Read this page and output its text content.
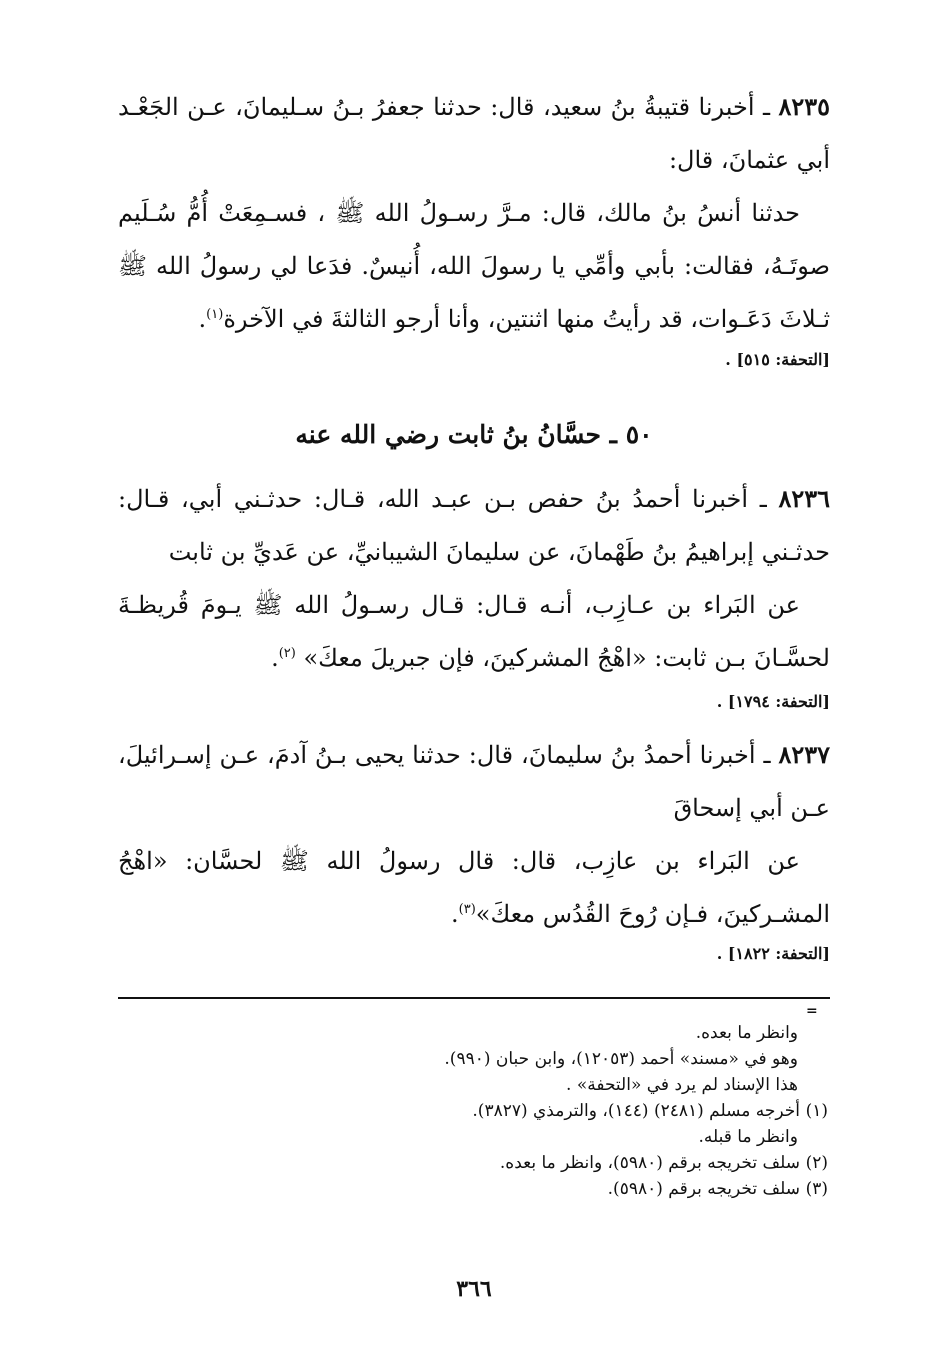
٨٢٣٥ ـ أخبرنا قتيبةُ بنُ سعيد، قال: حدثنا جعفرُ بـنُ سـليمانَ، عـن الجَعْـد أبي عثمانَ، قال:

حدثنا أنسُ بنُ مالك، قال: مـرَّ رسـولُ الله ﷺ ، فسـمِعَتْ أُمُّ سُـلَيم صوتَـهُ، فقالت: بأبي وأمِّي يا رسولَ الله، أُنيسٌ. فدَعا لي رسولُ الله ﷺ ثـلاثَ دَعَـوات، قد رأيتُ منها اثنتين، وأنا أرجو الثالثةَ في الآخرة$^{(١)}$.

[التحفة: ٥١٥] .
٥٠ ـ حسَّانُ بنُ ثابت رضي الله عنه

٨٢٣٦ ـ أخبرنا أحمدُ بنُ حفص بـن عبـد الله، قـال: حدثـني أبي، قـال: حدثـني إبراهيمُ بنُ طَهْمانَ، عن سليمانَ الشيبانيِّ، عن عَديِّ بن ثابت

عن البَراء بن عـازِب، أنـه قـال: قـال رسـولُ الله ﷺ يـومَ قُريظـةَ لحسَّـانَ بـن ثابت: «اهْجُ المشركينَ، فإن جبريلَ معكَ» $^{(٢)}$.

[التحفة: ١٧٩٤] .

٨٢٣٧ ـ أخبرنا أحمدُ بنُ سليمانَ، قال: حدثنا يحيى بـنُ آدمَ، عـن إسـرائيلَ، عـن أبي إسحاقَ

عن البَراء بن عازِب، قال: قال رسولُ الله ﷺ لحسَّان: «اهْجُ المشـركينَ، فـإن رُوحَ القُدُس معكَ»$^{(٣)}$.

[التحفة: ١٨٢٢] .
=
وانظر ما بعده.
وهو في «مسند» أحمد (١٢٠٥٣)، وابن حبان (٩٩٠).
هذا الإسناد لم يرد في «التحفة» .
(١)أخرجه مسلم (٢٤٨١) (١٤٤)، والترمذي (٣٨٢٧).
وانظر ما قبله.
(٢)سلف تخريجه برقم (٥٩٨٠)، وانظر ما بعده.
(٣)سلف تخريجه برقم (٥٩٨٠).
٣٦٦
